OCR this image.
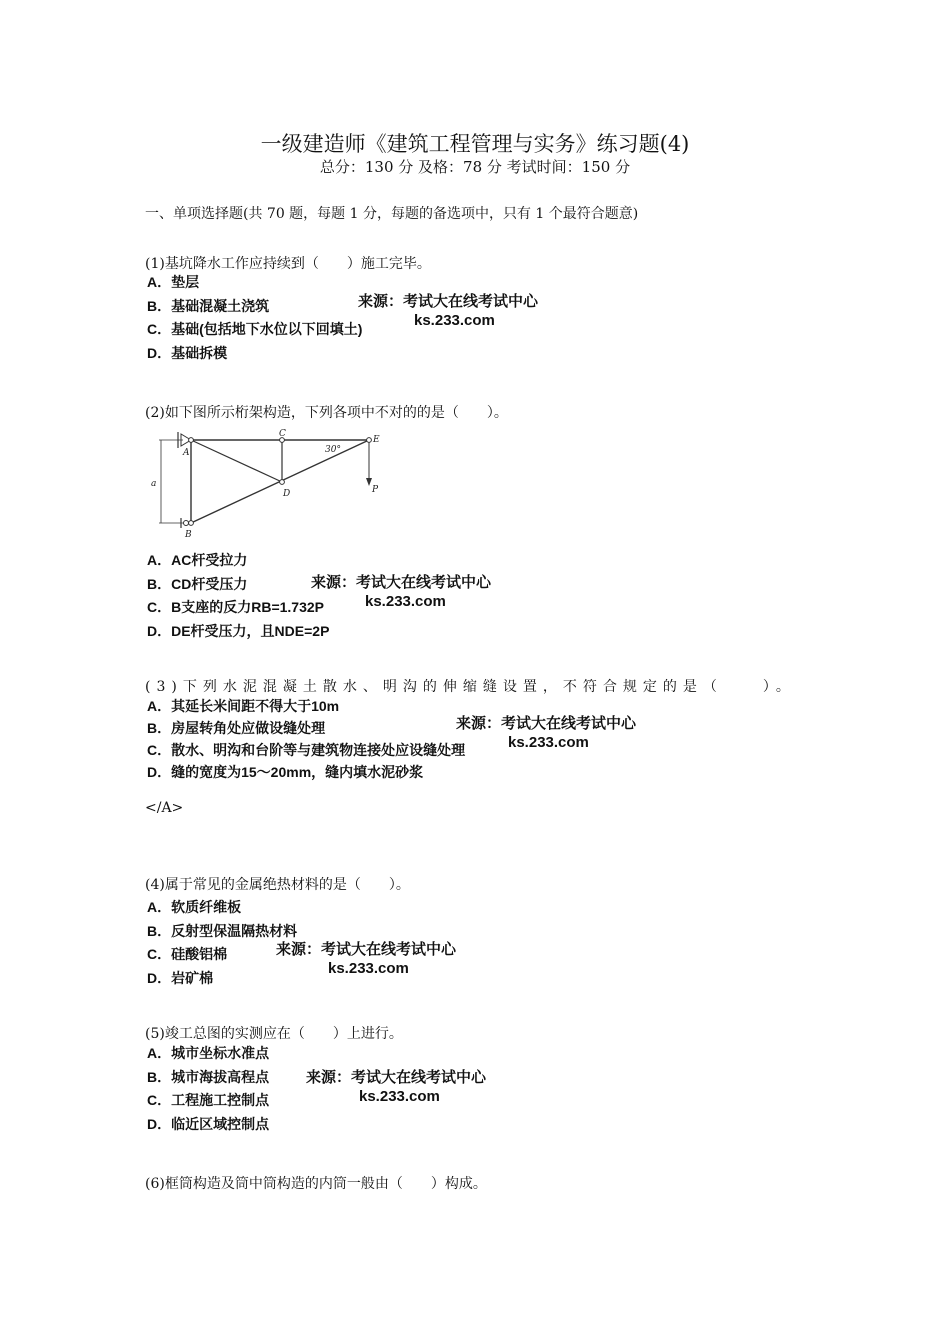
一级建造师《建筑工程管理与实务》练习题(4)
总分：130 分 及格：78 分 考试时间：150 分
一、单项选择题(共 70 题，每题 1 分，每题的备选项中，只有 1 个最符合题意)
(1)基坑降水工作应持续到（　　）施工完毕。
A．垫层
B．基础混凝土浇筑
C．基础(包括地下水位以下回填土)
D．基础拆模
来源：考试大在线考试中心
ks.233.com
(2)如下图所示桁架构造，下列各项中不对的的是（　　）。
a
A
B
C
D
E
P
30°
A．AC杆受拉力
B．CD杆受压力
C．B支座的反力RB=1.732P
D．DE杆受压力，且NDE=2P
来源：考试大在线考试中心
ks.233.com
(3)下列水泥混凝土散水、明沟的伸缩缝设置，不符合规定的是（　　）。
A．其延长米间距不得大于10m
B．房屋转角处应做设缝处理
C．散水、明沟和台阶等与建筑物连接处应设缝处理
D．缝的宽度为15～20mm，缝内填水泥砂浆
来源：考试大在线考试中心
ks.233.com
</A>
(4)属于常见的金属绝热材料的是（　　）。
A．软质纤维板
B．反射型保温隔热材料
C．硅酸铝棉
D．岩矿棉
来源：考试大在线考试中心
ks.233.com
(5)竣工总图的实测应在（　　）上进行。
A．城市坐标水准点
B．城市海拔高程点
C．工程施工控制点
D．临近区域控制点
来源：考试大在线考试中心
ks.233.com
(6)框筒构造及筒中筒构造的内筒一般由（　　）构成。
